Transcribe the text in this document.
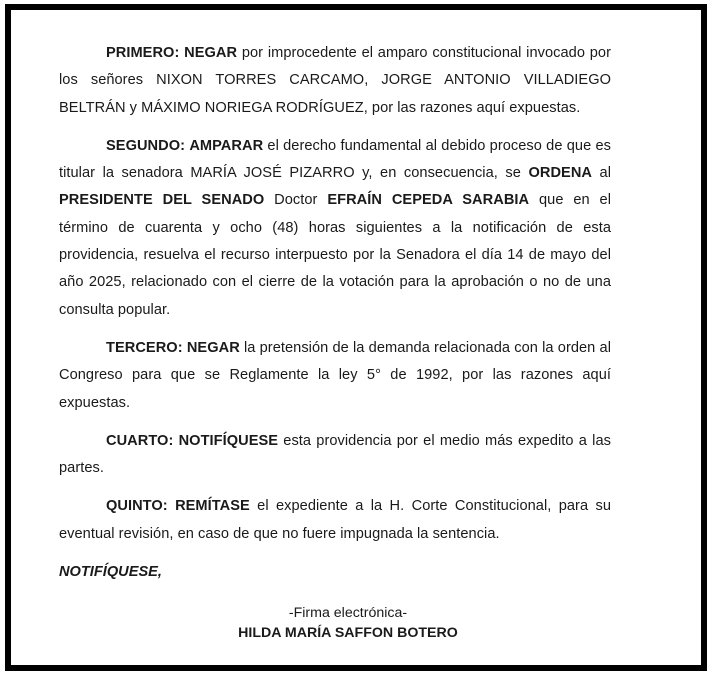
PRIMERO: NEGAR por improcedente el amparo constitucional invocado por los señores NIXON TORRES CARCAMO, JORGE ANTONIO VILLADIEGO BELTRÁN y MÁXIMO NORIEGA RODRÍGUEZ, por las razones aquí expuestas.

SEGUNDO: AMPARAR el derecho fundamental al debido proceso de que es titular la senadora MARÍA JOSÉ PIZARRO y, en consecuencia, se ORDENA al PRESIDENTE DEL SENADO Doctor EFRAÍN CEPEDA SARABIA que en el término de cuarenta y ocho (48) horas siguientes a la notificación de esta providencia, resuelva el recurso interpuesto por la Senadora el día 14 de mayo del año 2025, relacionado con el cierre de la votación para la aprobación o no de una consulta popular.

TERCERO: NEGAR la pretensión de la demanda relacionada con la orden al Congreso para que se Reglamente la ley 5° de 1992, por las razones aquí expuestas.

CUARTO: NOTIFÍQUESE esta providencia por el medio más expedito a las partes.

QUINTO: REMÍTASE el expediente a la H. Corte Constitucional, para su eventual revisión, en caso de que no fuere impugnada la sentencia.

NOTIFÍQUESE,
-Firma electrónica-
HILDA MARÍA SAFFON BOTERO
